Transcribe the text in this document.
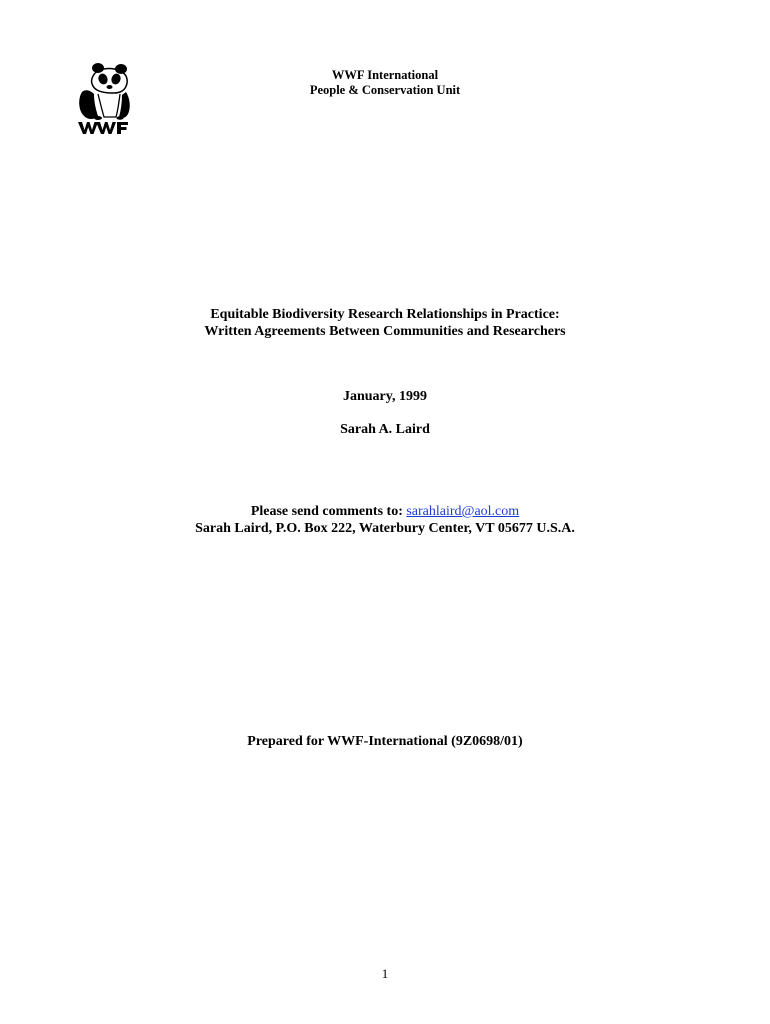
WWF International
People & Conservation Unit
Equitable Biodiversity Research Relationships in Practice:
Written Agreements Between Communities and Researchers
January, 1999
Sarah A. Laird
Please send comments to: sarahlaird@aol.com
Sarah Laird, P.O. Box 222, Waterbury Center, VT 05677 U.S.A.
Prepared for WWF-International (9Z0698/01)
1
